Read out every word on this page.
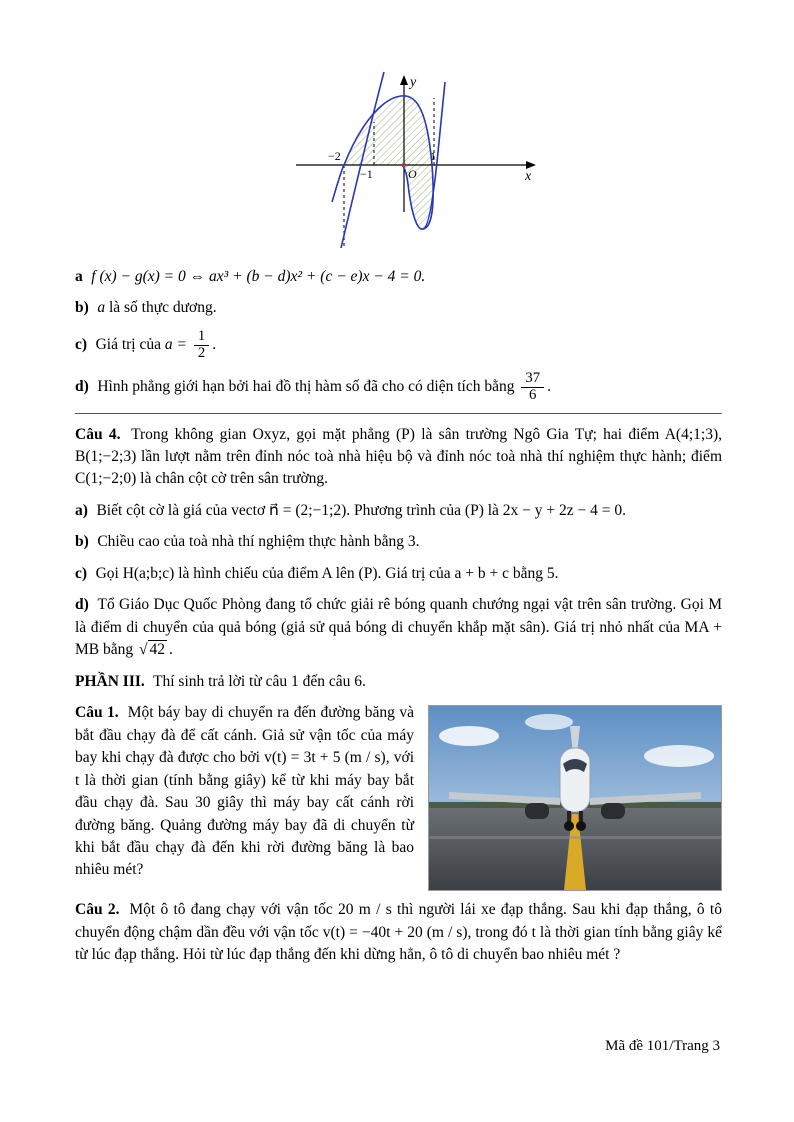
y
x
−2
−1	O
1

a f (x) − g(x) = 0 ⇔ ax³ + (b − d)x² + (c − e)x − 4 = 0.

b) a là số thực dương.

c) Giá trị của $a = \frac{1}{2}$ .

d) Hình phẳng giới hạn bởi hai đồ thị hàm số đã cho có diện tích bằng $\frac{37}{6}$ .

Câu 4. Trong không gian Oxyz, gọi mặt phẳng (P) là sân trường Ngô Gia Tự; hai điểm A(4;1;3), B(1;−2;3) lần lượt nằm trên đỉnh nóc toà nhà hiệu bộ và đỉnh nóc toà nhà thí nghiệm thực hành; điểm C(1;−2;0) là chân cột cờ trên sân trường.

a) Biết cột cờ là giá của vectơ n⃗ = (2;−1;2). Phương trình của (P) là 2x − y + 2z − 4 = 0.

b) Chiều cao của toà nhà thí nghiệm thực hành bằng 3.

c) Gọi H(a;b;c) là hình chiếu của điểm A lên (P). Giá trị của a + b + c bằng 5.

d) Tổ Giáo Dục Quốc Phòng đang tổ chức giải rê bóng quanh chướng ngại vật trên sân trường. Gọi M là điểm di chuyển của quả bóng (giả sử quả bóng di chuyển khắp mặt sân). Giá trị nhỏ nhất của MA + MB bằng √ 42 .

PHẦN III. Thí sinh trả lời từ câu 1 đến câu 6.

Câu 1. Một báy bay di chuyển ra đến đường băng và bắt đầu chạy đà để cất cánh. Giả sử vận tốc của máy bay khi chạy đà được cho bởi v(t) = 3t + 5 (m / s), với t là thời gian (tính bằng giây) kể từ khi máy bay bắt đầu chạy đà. Sau 30 giây thì máy bay cất cánh rời đường băng. Quảng đường máy bay đã di chuyển từ khi bắt đầu chạy đà đến khi rời đường băng là bao nhiêu mét?

Câu 2. Một ô tô đang chạy với vận tốc 20 m / s thì người lái xe đạp thắng. Sau khi đạp thắng, ô tô chuyển động chậm dần đều với vận tốc v(t) = −40t + 20 (m / s), trong đó t là thời gian tính bằng giây kể từ lúc đạp thắng. Hỏi từ lúc đạp thắng đến khi dừng hẳn, ô tô di chuyển bao nhiêu mét ?

Mã đề 101/Trang 3
